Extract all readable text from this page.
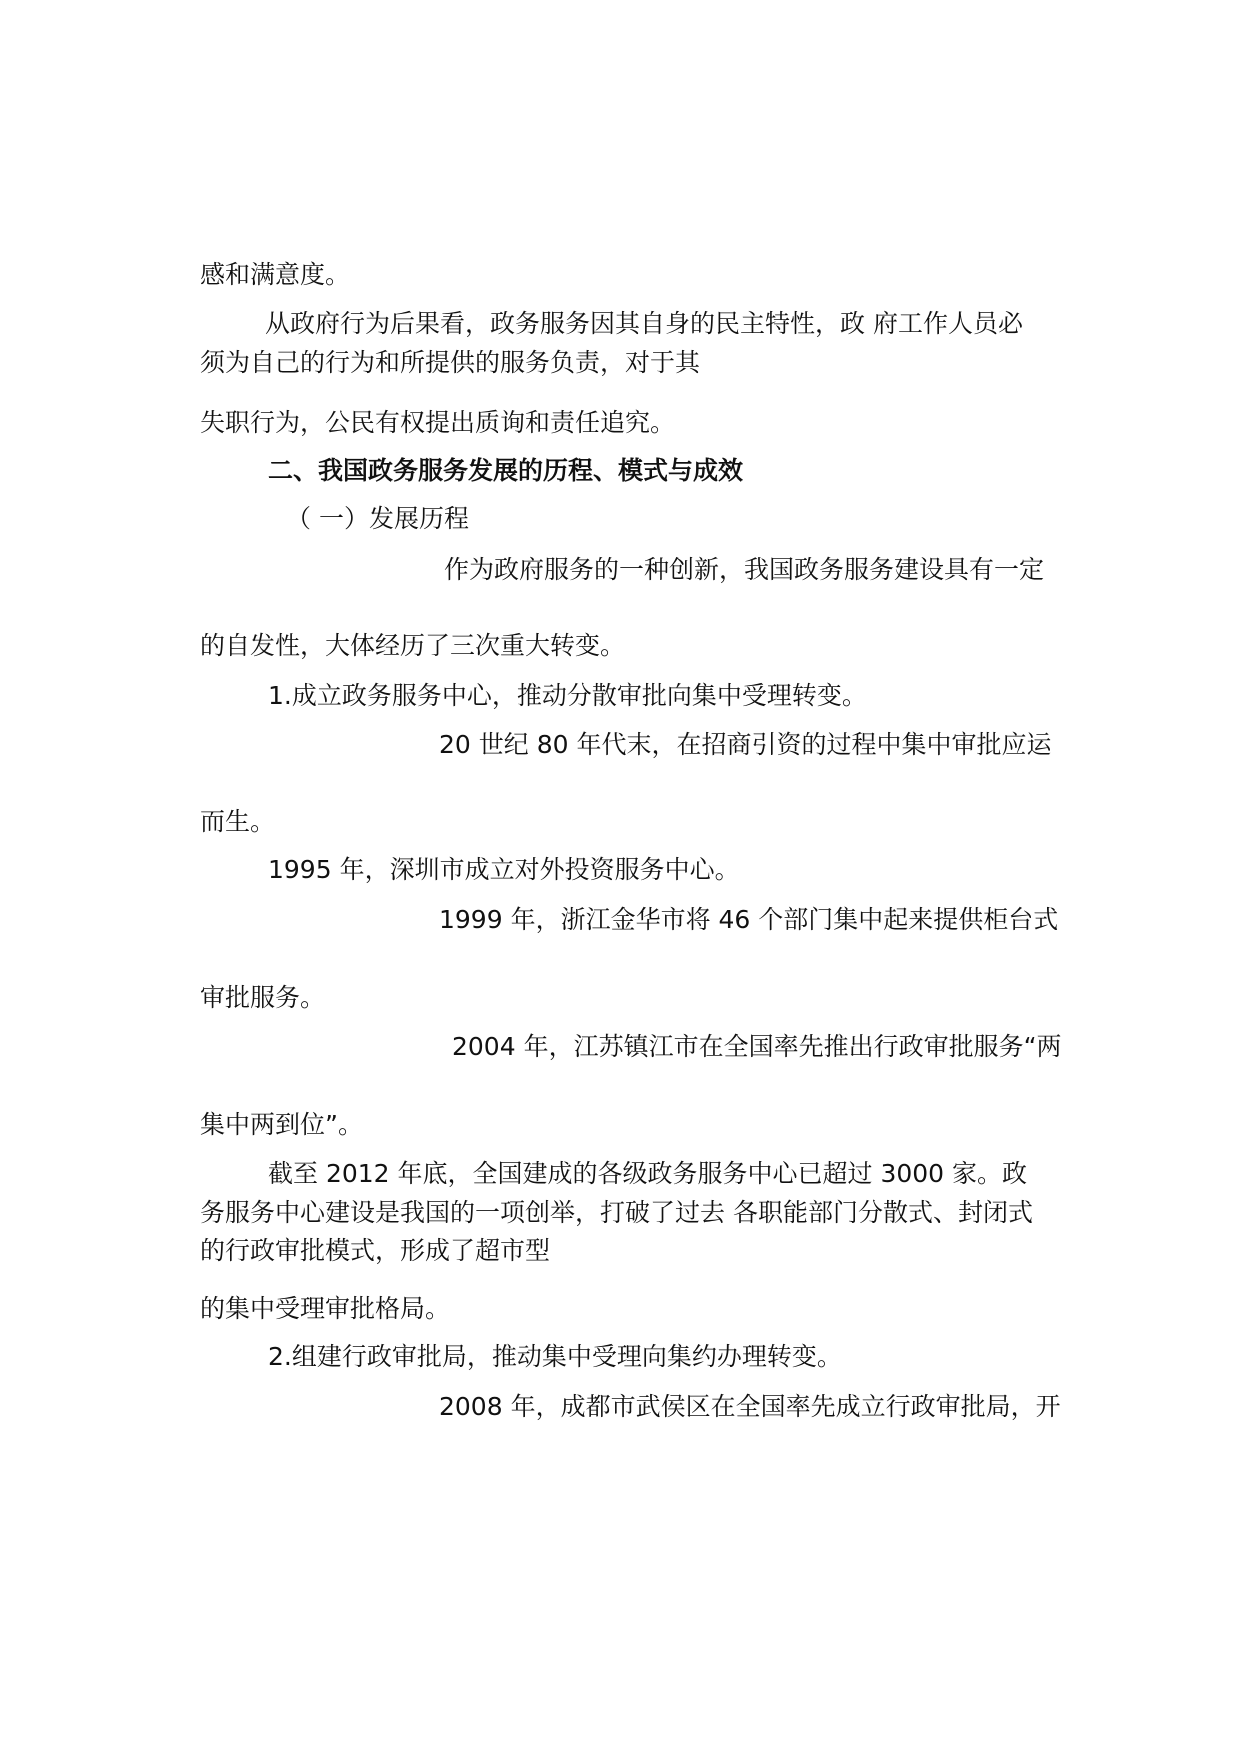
感和满意度。
从政府行为后果看，政务服务因其自身的民主特性，政 府工作人员必
须为自己的行为和所提供的服务负责，对于其
失职行为，公民有权提出质询和责任追究。
二、我国政务服务发展的历程、模式与成效
（ 一）发展历程
作为政府服务的一种创新，我国政务服务建设具有一定
的自发性，大体经历了三次重大转变。
1.成立政务服务中心，推动分散审批向集中受理转变。
20 世纪 80 年代末，在招商引资的过程中集中审批应运
而生。
1995 年，深圳市成立对外投资服务中心。
1999 年，浙江金华市将 46 个部门集中起来提供柜台式
审批服务。
2004 年，江苏镇江市在全国率先推出行政审批服务“两
集中两到位”。
截至 2012 年底，全国建成的各级政务服务中心已超过 3000 家。政
务服务中心建设是我国的一项创举，打破了过去 各职能部门分散式、封闭式
的行政审批模式，形成了超市型
的集中受理审批格局。
2.组建行政审批局，推动集中受理向集约办理转变。
2008 年，成都市武侯区在全国率先成立行政审批局，开
